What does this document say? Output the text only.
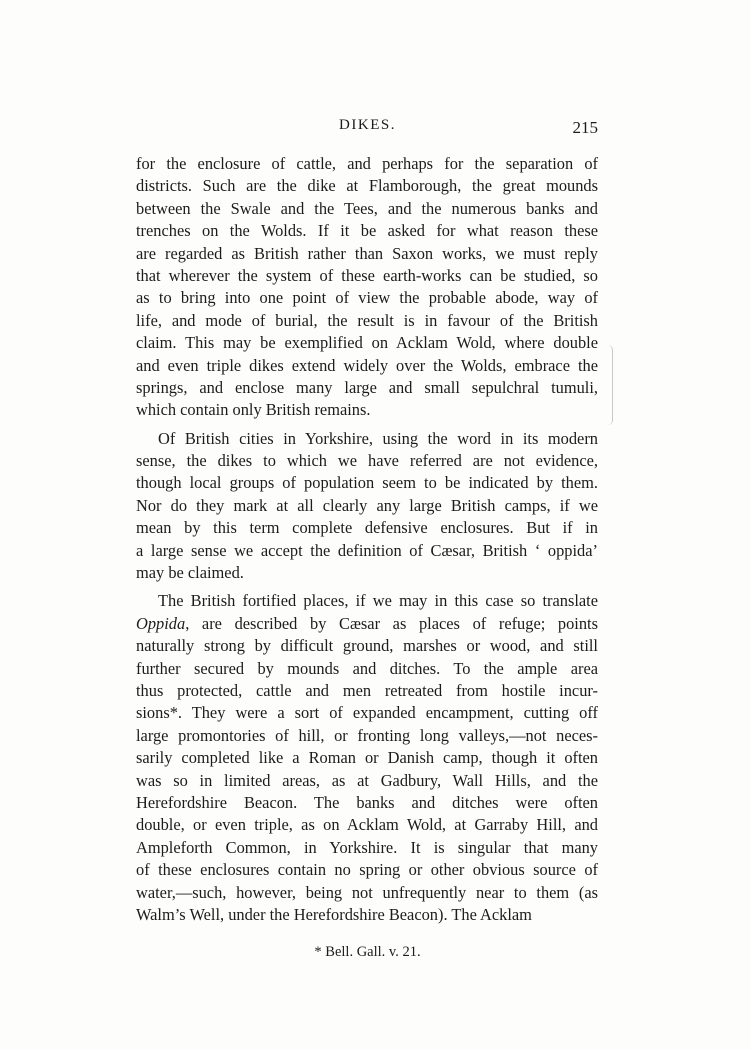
DIKES.	215
for the enclosure of cattle, and perhaps for the separation of
districts. Such are the dike at Flamborough, the great mounds
between the Swale and the Tees, and the numerous banks and
trenches on the Wolds. If it be asked for what reason these
are regarded as British rather than Saxon works, we must reply
that wherever the system of these earth-works can be studied, so
as to bring into one point of view the probable abode, way of
life, and mode of burial, the result is in favour of the British
claim. This may be exemplified on Acklam Wold, where double
and even triple dikes extend widely over the Wolds, embrace the
springs, and enclose many large and small sepulchral tumuli,
which contain only British remains.
Of British cities in Yorkshire, using the word in its modern
sense, the dikes to which we have referred are not evidence,
though local groups of population seem to be indicated by them.
Nor do they mark at all clearly any large British camps, if we
mean by this term complete defensive enclosures. But if in
a large sense we accept the definition of Cæsar, British ‘ oppida’
may be claimed.
The British fortified places, if we may in this case so translate
Oppida, are described by Cæsar as places of refuge; points
naturally strong by difficult ground, marshes or wood, and still
further secured by mounds and ditches. To the ample area
thus protected, cattle and men retreated from hostile incur-
sions*. They were a sort of expanded encampment, cutting off
large promontories of hill, or fronting long valleys,—not neces-
sarily completed like a Roman or Danish camp, though it often
was so in limited areas, as at Gadbury, Wall Hills, and the
Herefordshire Beacon. The banks and ditches were often
double, or even triple, as on Acklam Wold, at Garraby Hill, and
Ampleforth Common, in Yorkshire. It is singular that many
of these enclosures contain no spring or other obvious source of
water,—such, however, being not unfrequently near to them (as
Walm’s Well, under the Herefordshire Beacon). The Acklam
* Bell. Gall. v. 21.
